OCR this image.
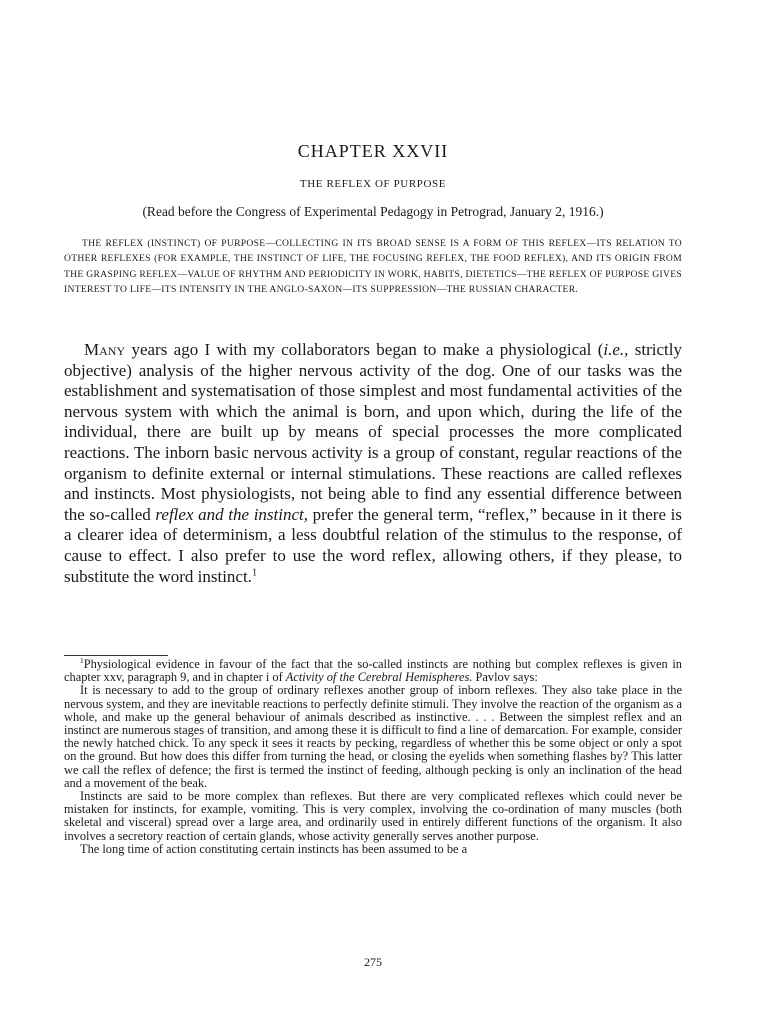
CHAPTER XXVII
THE REFLEX OF PURPOSE

(Read before the Congress of Experimental Pedagogy in Petrograd, January 2, 1916.)

THE REFLEX (INSTINCT) OF PURPOSE—COLLECTING IN ITS BROAD SENSE IS A FORM OF THIS REFLEX—ITS RELATION TO OTHER REFLEXES (FOR EXAMPLE, THE INSTINCT OF LIFE, THE FOCUSING REFLEX, THE FOOD REFLEX), AND ITS ORIGIN FROM THE GRASPING REFLEX—VALUE OF RHYTHM AND PERIODICITY IN WORK, HABITS, DIETETICS—THE REFLEX OF PURPOSE GIVES INTEREST TO LIFE—ITS INTENSITY IN THE ANGLO-SAXON—ITS SUPPRESSION—THE RUSSIAN CHARACTER.

Many years ago I with my collaborators began to make a physiological (i.e., strictly objective) analysis of the higher nervous activity of the dog. One of our tasks was the establishment and systematisation of those simplest and most fundamental activities of the nervous system with which the animal is born, and upon which, during the life of the individual, there are built up by means of special processes the more complicated reactions. The inborn basic nervous activity is a group of constant, regular reactions of the organism to definite external or internal stimulations. These reactions are called reflexes and instincts. Most physiologists, not being able to find any essential difference between the so-called reflex and the instinct, prefer the general term, “reflex,” because in it there is a clearer idea of determinism, a less doubtful relation of the stimulus to the response, of cause to effect. I also prefer to use the word reflex, allowing others, if they please, to substitute the word instinct.$^1$

$^1$Physiological evidence in favour of the fact that the so-called instincts are nothing but complex reflexes is given in chapter xxv, paragraph 9, and in chapter i of Activity of the Cerebral Hemispheres. Pavlov says:

It is necessary to add to the group of ordinary reflexes another group of inborn reflexes. They also take place in the nervous system, and they are inevitable reactions to perfectly definite stimuli. They involve the reaction of the organism as a whole, and make up the general behaviour of animals described as instinctive. . . . Between the simplest reflex and an instinct are numerous stages of transition, and among these it is difficult to find a line of demarcation. For example, consider the newly hatched chick. To any speck it sees it reacts by pecking, regardless of whether this be some object or only a spot on the ground. But how does this differ from turning the head, or closing the eyelids when something flashes by? This latter we call the reflex of defence; the first is termed the instinct of feeding, although pecking is only an inclination of the head and a movement of the beak.

Instincts are said to be more complex than reflexes. But there are very complicated reflexes which could never be mistaken for instincts, for example, vomiting. This is very complex, involving the co-ordination of many muscles (both skeletal and visceral) spread over a large area, and ordinarily used in entirely different functions of the organism. It also involves a secretory reaction of certain glands, whose activity generally serves another purpose.

The long time of action constituting certain instincts has been assumed to be a

275
